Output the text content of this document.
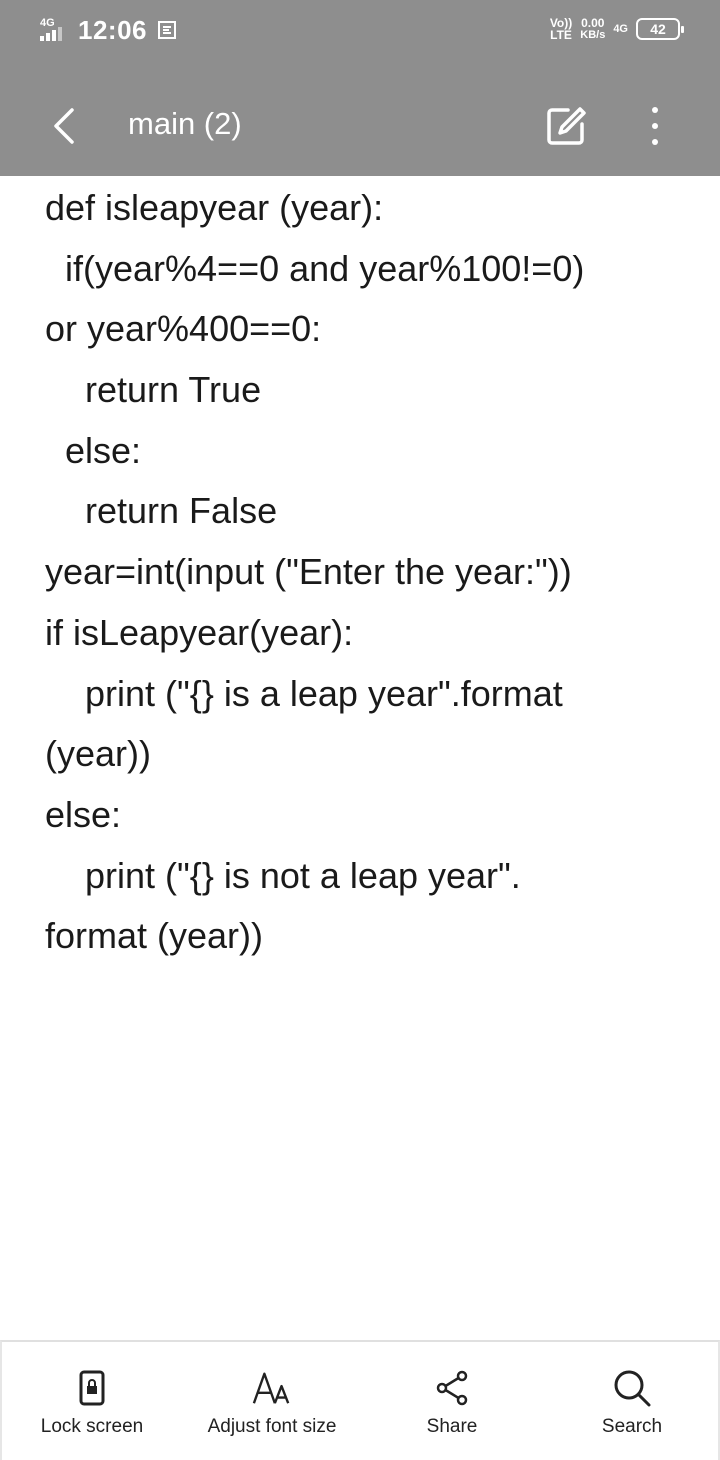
4G 12:06	Vo))
LTE
0.00
KB/s 4G 42
main (2)
def isleapyear (year):
if(year%4==0 and year%100!=0)
or year%400==0:
return True
else:
return False
year=int(input ("Enter the year:"))
if isLeapyear(year):
print ("{} is a leap year".format
(year))
else:
print ("{} is not a leap year".
format (year))
Lock screen	Adjust font size	Share	Search
